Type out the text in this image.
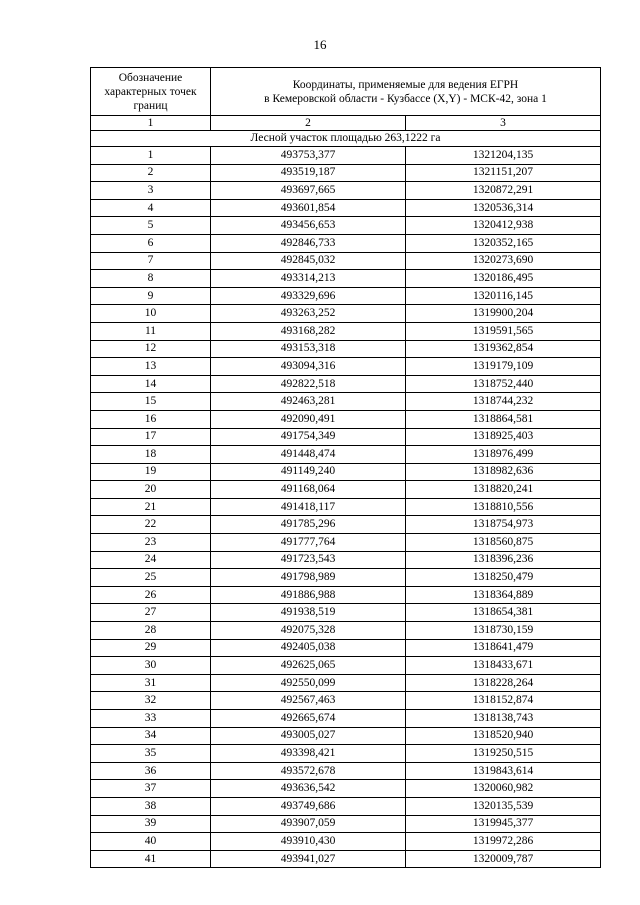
16
Обозначение характерных точек границ	Координаты, применяемые для ведения ЕГРН
в Кемеровской области - Кузбассе (X,Y) - МСК-42, зона 1	

1	2	3
Лесной участок площадью 263,1222 га		
1	493753,377	1321204,135
2	493519,187	1321151,207
3	493697,665	1320872,291
4	493601,854	1320536,314
5	493456,653	1320412,938
6	492846,733	1320352,165
7	492845,032	1320273,690
8	493314,213	1320186,495
9	493329,696	1320116,145
10	493263,252	1319900,204
11	493168,282	1319591,565
12	493153,318	1319362,854
13	493094,316	1319179,109
14	492822,518	1318752,440
15	492463,281	1318744,232
16	492090,491	1318864,581
17	491754,349	1318925,403
18	491448,474	1318976,499
19	491149,240	1318982,636
20	491168,064	1318820,241
21	491418,117	1318810,556
22	491785,296	1318754,973
23	491777,764	1318560,875
24	491723,543	1318396,236
25	491798,989	1318250,479
26	491886,988	1318364,889
27	491938,519	1318654,381
28	492075,328	1318730,159
29	492405,038	1318641,479
30	492625,065	1318433,671
31	492550,099	1318228,264
32	492567,463	1318152,874
33	492665,674	1318138,743
34	493005,027	1318520,940
35	493398,421	1319250,515
36	493572,678	1319843,614
37	493636,542	1320060,982
38	493749,686	1320135,539
39	493907,059	1319945,377
40	493910,430	1319972,286
41	493941,027	1320009,787
